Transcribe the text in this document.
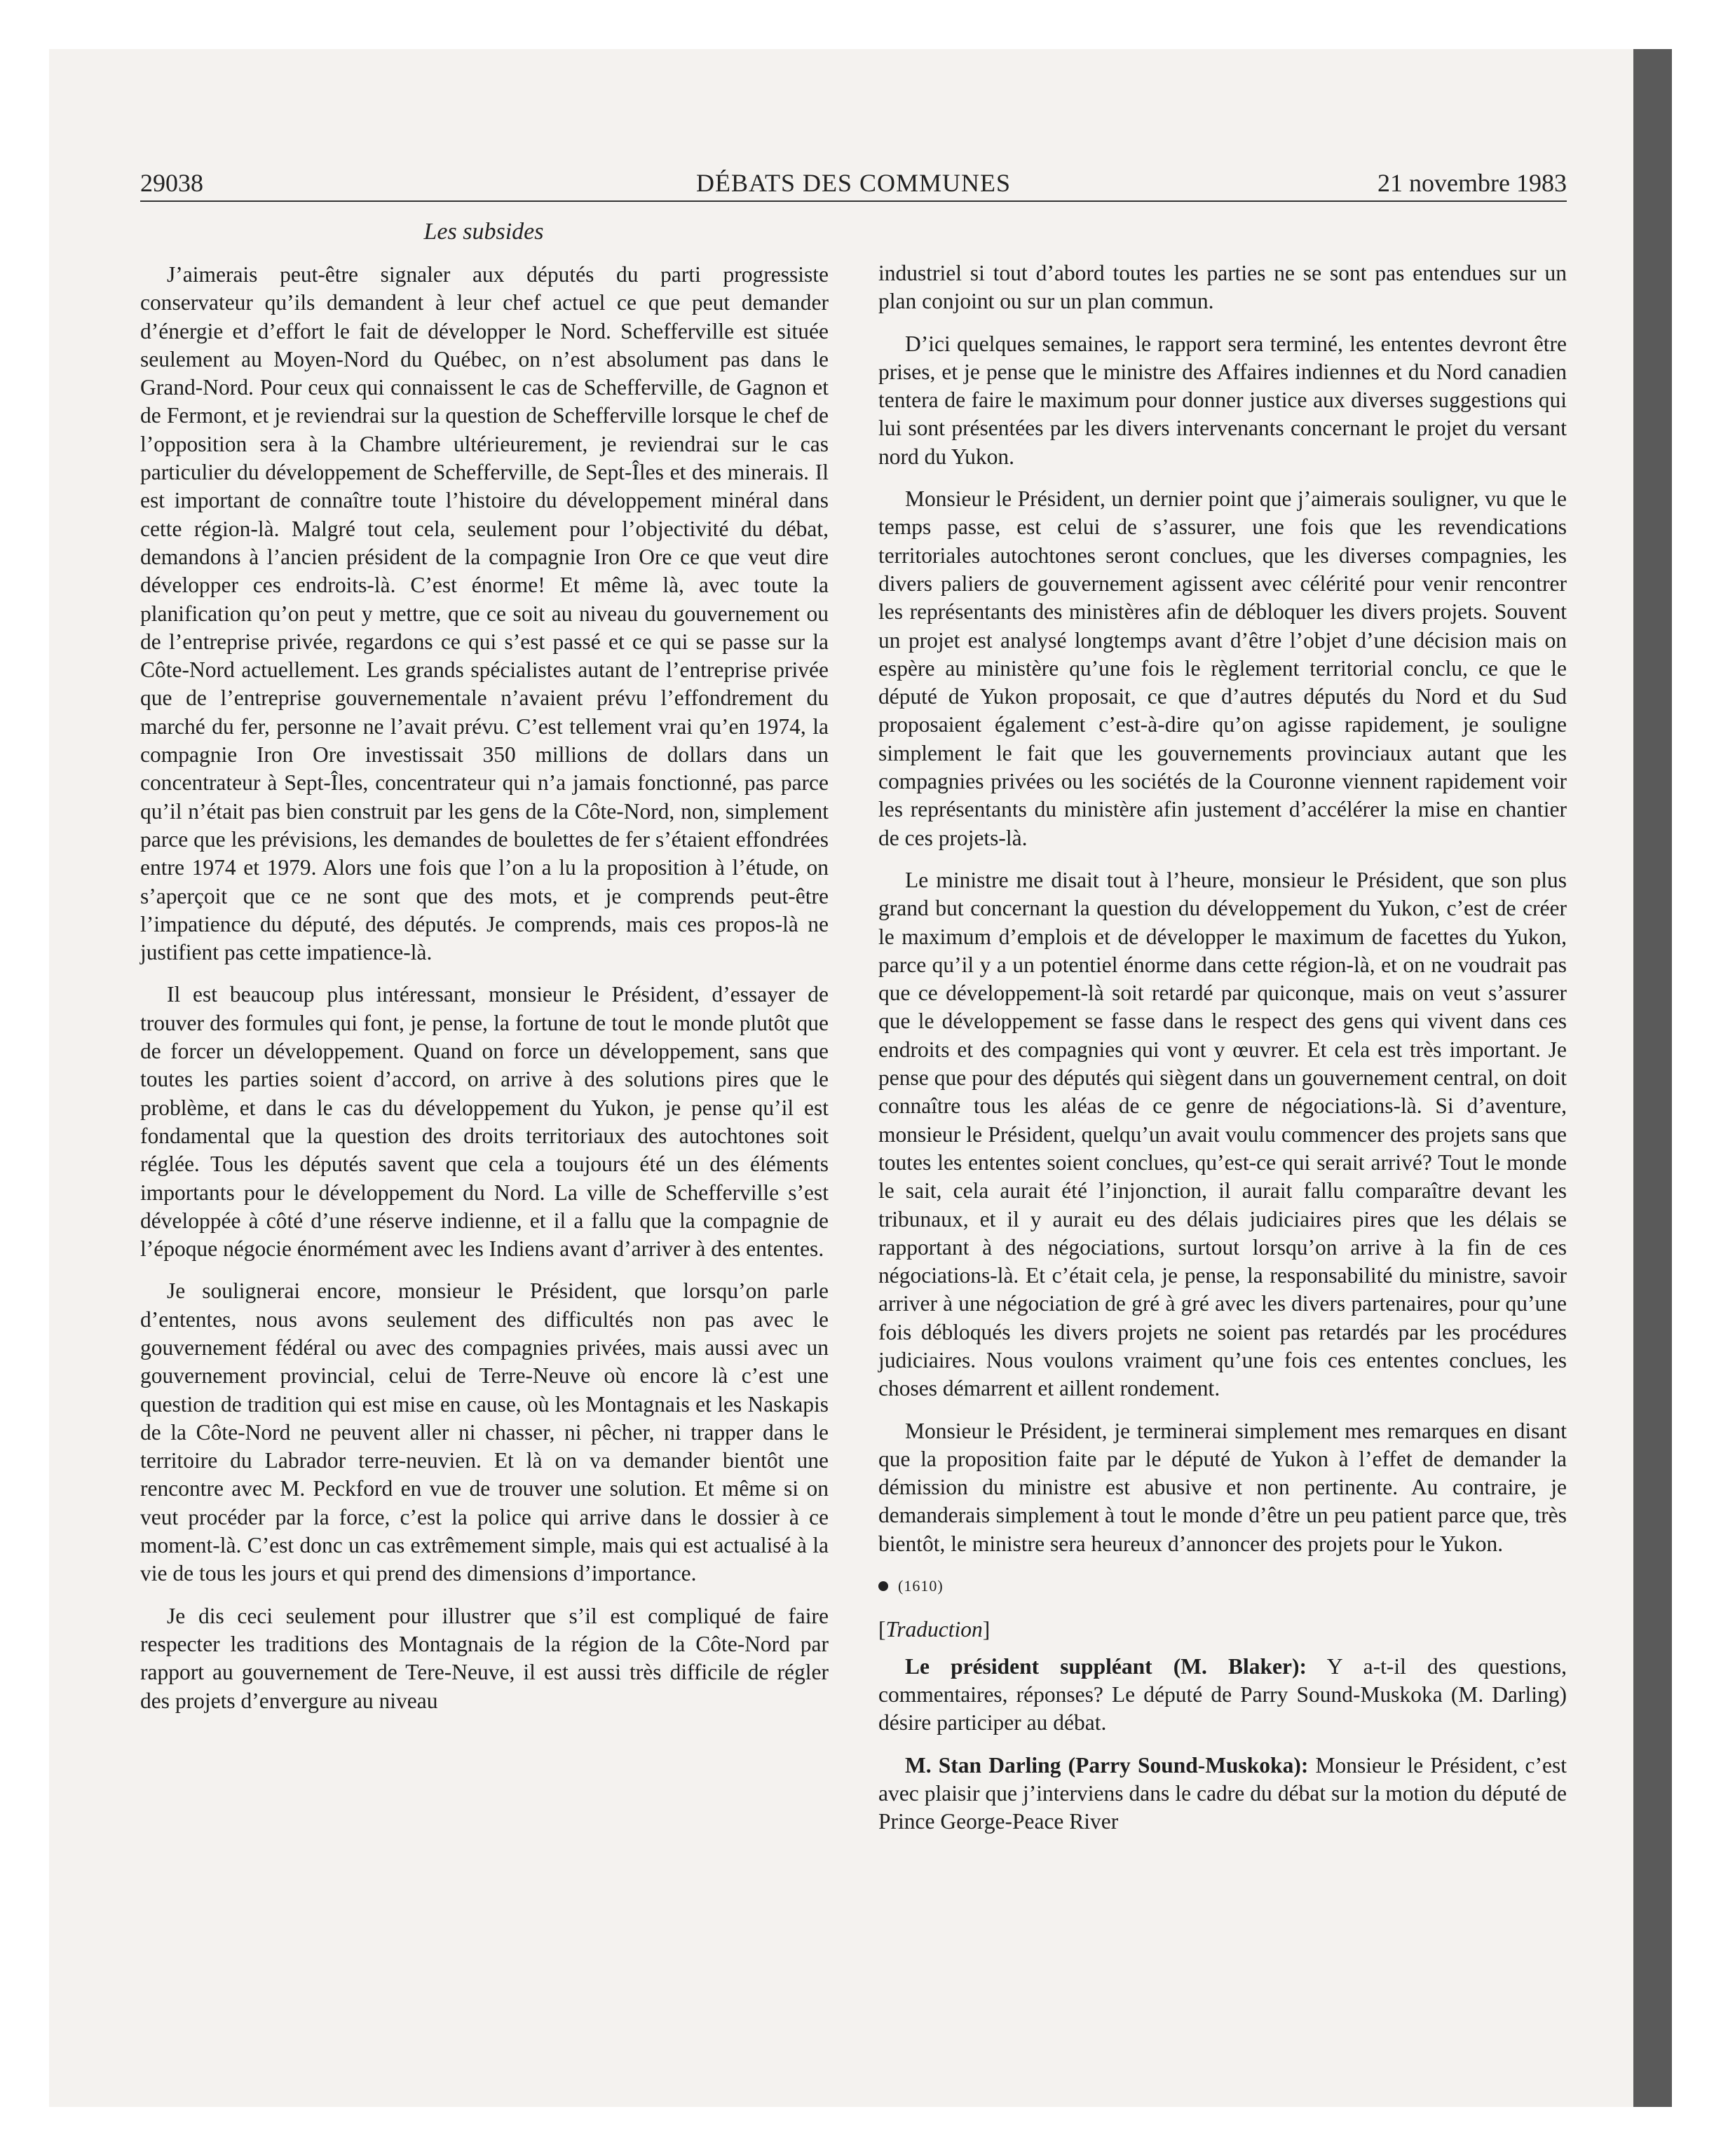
29038	DÉBATS DES COMMUNES	21 novembre 1983
Les subsides

J’aimerais peut-être signaler aux députés du parti progressiste conservateur qu’ils demandent à leur chef actuel ce que peut demander d’énergie et d’effort le fait de développer le Nord. Schefferville est située seulement au Moyen-Nord du Québec, on n’est absolument pas dans le Grand-Nord. Pour ceux qui connaissent le cas de Schefferville, de Gagnon et de Fermont, et je reviendrai sur la question de Schefferville lorsque le chef de l’opposition sera à la Chambre ultérieurement, je reviendrai sur le cas particulier du développement de Schefferville, de Sept-Îles et des minerais. Il est important de connaître toute l’histoire du développement minéral dans cette région-là. Malgré tout cela, seulement pour l’objectivité du débat, demandons à l’ancien président de la compagnie Iron Ore ce que veut dire développer ces endroits-là. C’est énorme! Et même là, avec toute la planification qu’on peut y mettre, que ce soit au niveau du gouvernement ou de l’entreprise privée, regardons ce qui s’est passé et ce qui se passe sur la Côte-Nord actuellement. Les grands spécialistes autant de l’entreprise privée que de l’entreprise gouvernementale n’avaient prévu l’effondrement du marché du fer, personne ne l’avait prévu. C’est tellement vrai qu’en 1974, la compagnie Iron Ore investissait 350 millions de dollars dans un concentrateur à Sept-Îles, concentrateur qui n’a jamais fonctionné, pas parce qu’il n’était pas bien construit par les gens de la Côte-Nord, non, simplement parce que les prévisions, les demandes de boulettes de fer s’étaient effondrées entre 1974 et 1979. Alors une fois que l’on a lu la proposition à l’étude, on s’aperçoit que ce ne sont que des mots, et je comprends peut-être l’impatience du député, des députés. Je comprends, mais ces propos-là ne justifient pas cette impatience-là.

Il est beaucoup plus intéressant, monsieur le Président, d’essayer de trouver des formules qui font, je pense, la fortune de tout le monde plutôt que de forcer un développement. Quand on force un développement, sans que toutes les parties soient d’accord, on arrive à des solutions pires que le problème, et dans le cas du développement du Yukon, je pense qu’il est fondamental que la question des droits territoriaux des autochtones soit réglée. Tous les députés savent que cela a toujours été un des éléments importants pour le développement du Nord. La ville de Schefferville s’est développée à côté d’une réserve indienne, et il a fallu que la compagnie de l’époque négocie énormément avec les Indiens avant d’arriver à des ententes.

Je soulignerai encore, monsieur le Président, que lorsqu’on parle d’ententes, nous avons seulement des difficultés non pas avec le gouvernement fédéral ou avec des compagnies privées, mais aussi avec un gouvernement provincial, celui de Terre-Neuve où encore là c’est une question de tradition qui est mise en cause, où les Montagnais et les Naskapis de la Côte-Nord ne peuvent aller ni chasser, ni pêcher, ni trapper dans le territoire du Labrador terre-neuvien. Et là on va demander bientôt une rencontre avec M. Peckford en vue de trouver une solution. Et même si on veut procéder par la force, c’est la police qui arrive dans le dossier à ce moment-là. C’est donc un cas extrêmement simple, mais qui est actualisé à la vie de tous les jours et qui prend des dimensions d’importance.

Je dis ceci seulement pour illustrer que s’il est compliqué de faire respecter les traditions des Montagnais de la région de la Côte-Nord par rapport au gouvernement de Tere-Neuve, il est aussi très difficile de régler des projets d’envergure au niveau

industriel si tout d’abord toutes les parties ne se sont pas entendues sur un plan conjoint ou sur un plan commun.

D’ici quelques semaines, le rapport sera terminé, les ententes devront être prises, et je pense que le ministre des Affaires indiennes et du Nord canadien tentera de faire le maximum pour donner justice aux diverses suggestions qui lui sont présentées par les divers intervenants concernant le projet du versant nord du Yukon.

Monsieur le Président, un dernier point que j’aimerais souligner, vu que le temps passe, est celui de s’assurer, une fois que les revendications territoriales autochtones seront conclues, que les diverses compagnies, les divers paliers de gouvernement agissent avec célérité pour venir rencontrer les représentants des ministères afin de débloquer les divers projets. Souvent un projet est analysé longtemps avant d’être l’objet d’une décision mais on espère au ministère qu’une fois le règlement territorial conclu, ce que le député de Yukon proposait, ce que d’autres députés du Nord et du Sud proposaient également c’est-à-dire qu’on agisse rapidement, je souligne simplement le fait que les gouvernements provinciaux autant que les compagnies privées ou les sociétés de la Couronne viennent rapidement voir les représentants du ministère afin justement d’accélérer la mise en chantier de ces projets-là.

Le ministre me disait tout à l’heure, monsieur le Président, que son plus grand but concernant la question du développement du Yukon, c’est de créer le maximum d’emplois et de développer le maximum de facettes du Yukon, parce qu’il y a un potentiel énorme dans cette région-là, et on ne voudrait pas que ce développement-là soit retardé par quiconque, mais on veut s’assurer que le développement se fasse dans le respect des gens qui vivent dans ces endroits et des compagnies qui vont y œuvrer. Et cela est très important. Je pense que pour des députés qui siègent dans un gouvernement central, on doit connaître tous les aléas de ce genre de négociations-là. Si d’aventure, monsieur le Président, quelqu’un avait voulu commencer des projets sans que toutes les ententes soient conclues, qu’est-ce qui serait arrivé? Tout le monde le sait, cela aurait été l’injonction, il aurait fallu comparaître devant les tribunaux, et il y aurait eu des délais judiciaires pires que les délais se rapportant à des négociations, surtout lorsqu’on arrive à la fin de ces négociations-là. Et c’était cela, je pense, la responsabilité du ministre, savoir arriver à une négociation de gré à gré avec les divers partenaires, pour qu’une fois débloqués les divers projets ne soient pas retardés par les procédures judiciaires. Nous voulons vraiment qu’une fois ces ententes conclues, les choses démarrent et aillent rondement.

Monsieur le Président, je terminerai simplement mes remarques en disant que la proposition faite par le député de Yukon à l’effet de demander la démission du ministre est abusive et non pertinente. Au contraire, je demanderais simplement à tout le monde d’être un peu patient parce que, très bientôt, le ministre sera heureux d’annoncer des projets pour le Yukon.

(1610)
[Traduction]

Le président suppléant (M. Blaker): Y a-t-il des questions, commentaires, réponses? Le député de Parry Sound-Muskoka (M. Darling) désire participer au débat.

M. Stan Darling (Parry Sound-Muskoka): Monsieur le Président, c’est avec plaisir que j’interviens dans le cadre du débat sur la motion du député de Prince George-Peace River
